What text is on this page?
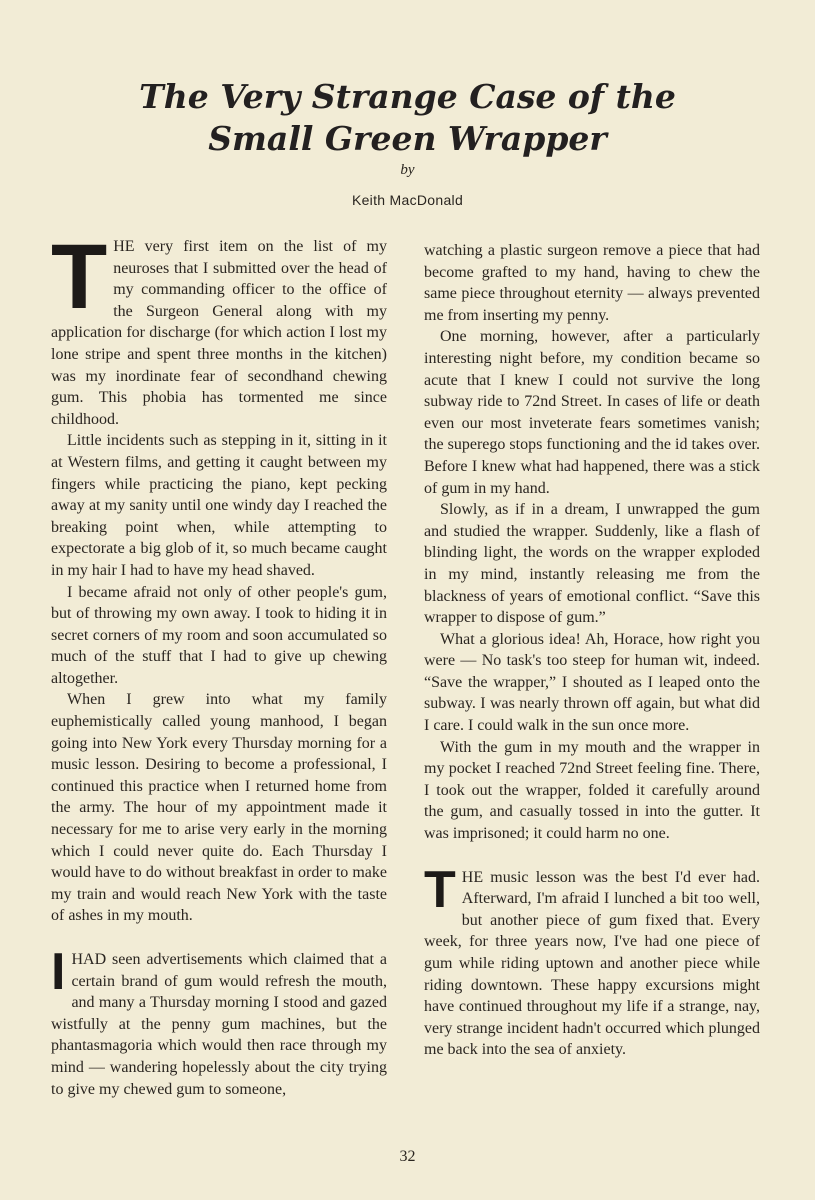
The Very Strange Case of the
Small Green Wrapper
by
Keith MacDonald

THE very first item on the list of my neuroses that I submitted over the head of my commanding officer to the office of the Surgeon General along with my application for discharge (for which action I lost my lone stripe and spent three months in the kitchen) was my inordinate fear of secondhand chewing gum. This phobia has tormented me since childhood.

Little incidents such as stepping in it, sitting in it at Western films, and getting it caught between my fingers while practicing the piano, kept pecking away at my sanity until one windy day I reached the breaking point when, while attempting to expectorate a big glob of it, so much became caught in my hair I had to have my head shaved.

I became afraid not only of other people's gum, but of throwing my own away. I took to hiding it in secret corners of my room and soon accumulated so much of the stuff that I had to give up chewing altogether.

When I grew into what my family euphemistically called young manhood, I began going into New York every Thursday morning for a music lesson. Desiring to become a professional, I continued this practice when I returned home from the army. The hour of my appointment made it necessary for me to arise very early in the morning which I could never quite do. Each Thursday I would have to do without breakfast in order to make my train and would reach New York with the taste of ashes in my mouth.

IHAD seen advertisements which claimed that a certain brand of gum would refresh the mouth, and many a Thursday morning I stood and gazed wistfully at the penny gum machines, but the phantasmagoria which would then race through my mind — wandering hopelessly about the city trying to give my chewed gum to someone,

watching a plastic surgeon remove a piece that had become grafted to my hand, having to chew the same piece throughout eternity — always prevented me from inserting my penny.

One morning, however, after a particularly interesting night before, my condition became so acute that I knew I could not survive the long subway ride to 72nd Street. In cases of life or death even our most inveterate fears sometimes vanish; the superego stops functioning and the id takes over. Before I knew what had happened, there was a stick of gum in my hand.

Slowly, as if in a dream, I unwrapped the gum and studied the wrapper. Suddenly, like a flash of blinding light, the words on the wrapper exploded in my mind, instantly releasing me from the blackness of years of emotional conflict. “Save this wrapper to dispose of gum.”

What a glorious idea! Ah, Horace, how right you were — No task's too steep for human wit, indeed. “Save the wrapper,” I shouted as I leaped onto the subway. I was nearly thrown off again, but what did I care. I could walk in the sun once more.

With the gum in my mouth and the wrapper in my pocket I reached 72nd Street feeling fine. There, I took out the wrapper, folded it carefully around the gum, and casually tossed in into the gutter. It was imprisoned; it could harm no one.

THE music lesson was the best I'd ever had. Afterward, I'm afraid I lunched a bit too well, but another piece of gum fixed that. Every week, for three years now, I've had one piece of gum while riding uptown and another piece while riding downtown. These happy excursions might have continued throughout my life if a strange, nay, very strange incident hadn't occurred which plunged me back into the sea of anxiety.

32
